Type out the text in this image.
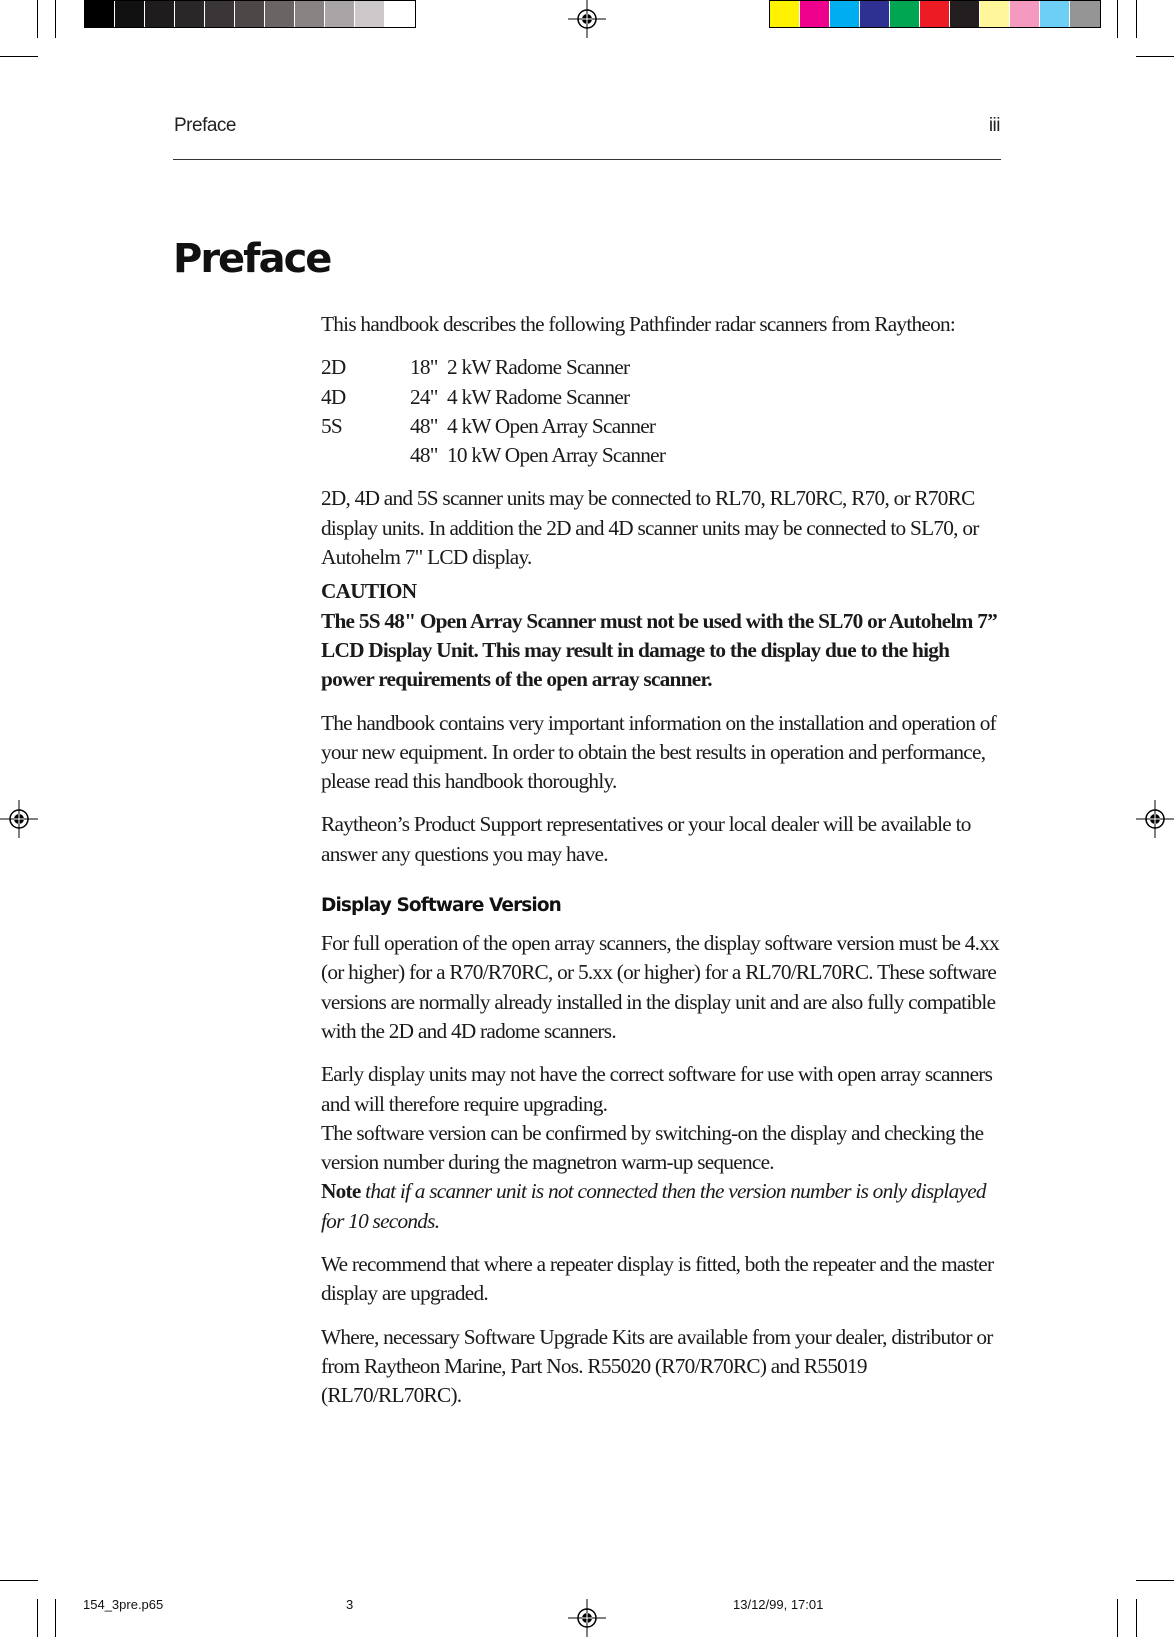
Preface	iii
Preface

This handbook describes the following Pathfinder radar scanners from Raytheon:

2D	18" 2 kW Radome Scanner
4D	24" 4 kW Radome Scanner
5S	48" 4 kW Open Array Scanner
48" 10 kW Open Array Scanner

2D, 4D and 5S scanner units may be connected to RL70, RL70RC, R70, or R70RC display units. In addition the 2D and 4D scanner units may be connected to SL70, or Autohelm 7" LCD display.

CAUTION
The 5S 48" Open Array Scanner must not be used with the SL70 or Autohelm 7” LCD Display Unit. This may result in damage to the display due to the high power requirements of the open array scanner.

The handbook contains very important information on the installation and operation of your new equipment. In order to obtain the best results in operation and performance, please read this handbook thoroughly.

Raytheon’s Product Support representatives or your local dealer will be available to answer any questions you may have.

Display Software Version

For full operation of the open array scanners, the display software version must be 4.xx (or higher) for a R70/R70RC, or 5.xx (or higher) for a RL70/RL70RC. These software versions are normally already installed in the display unit and are also fully compatible with the 2D and 4D radome scanners.

Early display units may not have the correct software for use with open array scanners and will therefore require upgrading.

The software version can be confirmed by switching-on the display and checking the version number during the magnetron warm-up sequence.

Note that if a scanner unit is not connected then the version number is only displayed for 10 seconds.

We recommend that where a repeater display is fitted, both the repeater and the master display are upgraded.

Where, necessary Software Upgrade Kits are available from your dealer, distributor or from Raytheon Marine, Part Nos. R55020 (R70/R70RC) and R55019 (RL70/RL70RC).

154_3pre.p65	3	13/12/99, 17:01
